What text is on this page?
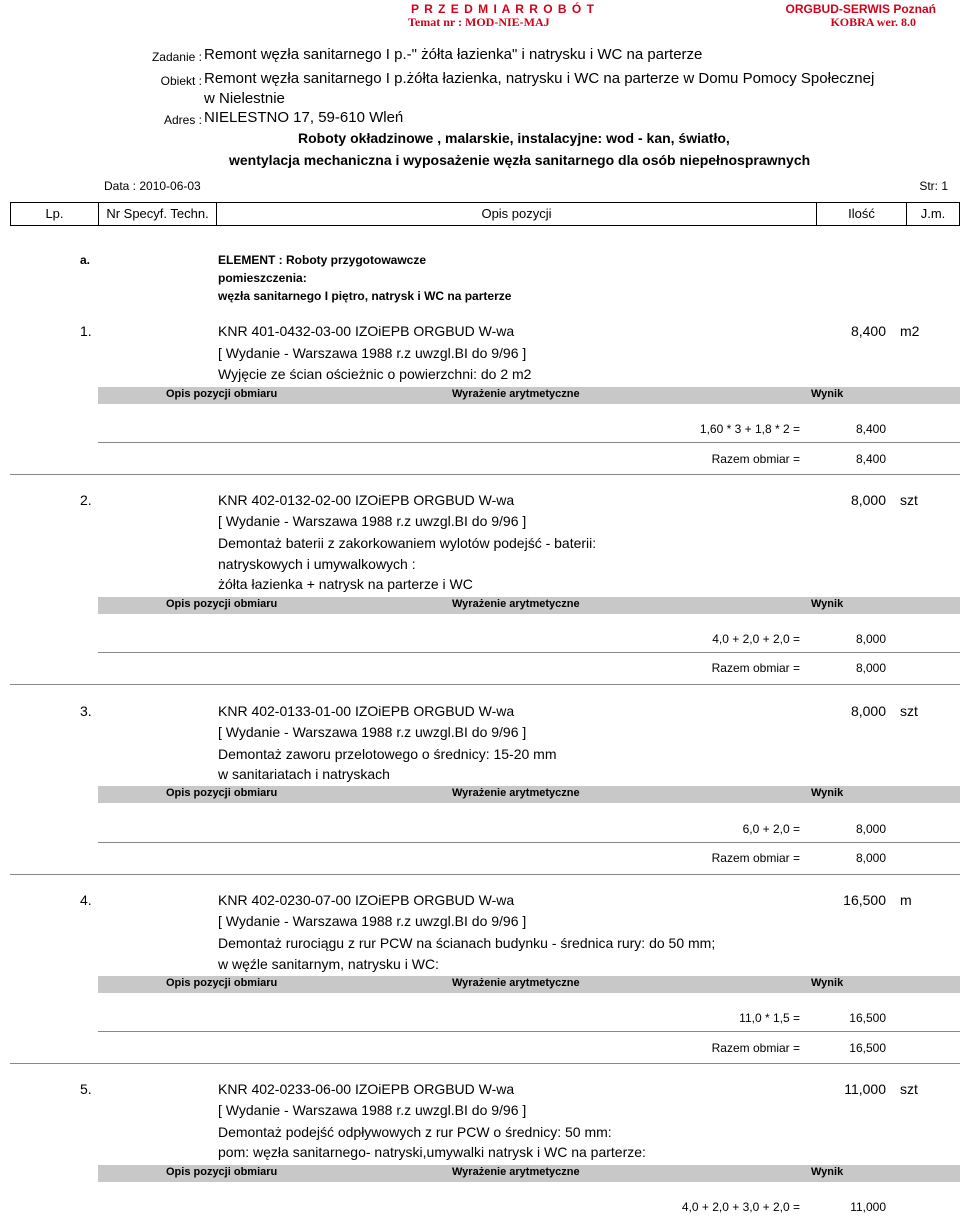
P R Z E D M I A R R O B Ó T
Temat nr : MOD-NIE-MAJ
ORGBUD-SERWIS Poznań
KOBRA wer. 8.0
Zadanie : Remont węzła sanitarnego I p.-" żółta łazienka" i natrysku i WC na parterze
Obiekt : Remont węzła sanitarnego I p.żółta łazienka, natrysku i WC na parterze w Domu Pomocy Społecznej
w Nielestnie
Adres : NIELESTNO 17, 59-610 Wleń
Roboty okładzinowe , malarskie, instalacyjne: wod - kan, światło,
wentylacja mechaniczna i wyposażenie węzła sanitarnego dla osób niepełnosprawnych
Data : 2010-06-03	Str: 1
Lp.	Nr Specyf. Techn.	Opis pozycji	Ilość	J.m.
a.	ELEMENT : Roboty przygotowawcze
pomieszczenia:
węzła sanitarnego I piętro, natrysk i WC na parterze
1.	KNR 401-0432-03-00 IZOiEPB ORGBUD W-wa	8,400 m2
[ Wydanie - Warszawa 1988 r.z uwzgl.BI do 9/96 ]
Wyjęcie ze ścian ościeżnic o powierzchni: do 2 m2
Opis pozycji obmiaru	Wyrażenie arytmetyczne	Wynik
1,60 * 3 + 1,8 * 2 =	8,400
Razem obmiar =	8,400
2.	KNR 402-0132-02-00 IZOiEPB ORGBUD W-wa	8,000 szt
[ Wydanie - Warszawa 1988 r.z uwzgl.BI do 9/96 ]
Demontaż baterii z zakorkowaniem wylotów podejść - baterii:
natryskowych i umywalkowych :
żółta łazienka + natrysk na parterze i WC
Opis pozycji obmiaru	Wyrażenie arytmetyczne	Wynik
4,0 + 2,0 + 2,0 =	8,000
Razem obmiar =	8,000
3.	KNR 402-0133-01-00 IZOiEPB ORGBUD W-wa	8,000 szt
[ Wydanie - Warszawa 1988 r.z uwzgl.BI do 9/96 ]
Demontaż zaworu przelotowego o średnicy: 15-20 mm
w sanitariatach i natryskach
Opis pozycji obmiaru	Wyrażenie arytmetyczne	Wynik
6,0 + 2,0 =	8,000
Razem obmiar =	8,000
4.	KNR 402-0230-07-00 IZOiEPB ORGBUD W-wa	16,500 m
[ Wydanie - Warszawa 1988 r.z uwzgl.BI do 9/96 ]
Demontaż rurociągu z rur PCW na ścianach budynku - średnica rury: do 50 mm;
w węźle sanitarnym, natrysku i WC:
Opis pozycji obmiaru	Wyrażenie arytmetyczne	Wynik
11,0 * 1,5 =	16,500
Razem obmiar =	16,500
5.	KNR 402-0233-06-00 IZOiEPB ORGBUD W-wa	11,000 szt
[ Wydanie - Warszawa 1988 r.z uwzgl.BI do 9/96 ]
Demontaż podejść odpływowych z rur PCW o średnicy: 50 mm:
pom: węzła sanitarnego- natryski,umywalki natrysk i WC na parterze:
Opis pozycji obmiaru	Wyrażenie arytmetyczne	Wynik
4,0 + 2,0 + 3,0 + 2,0 =	11,000
